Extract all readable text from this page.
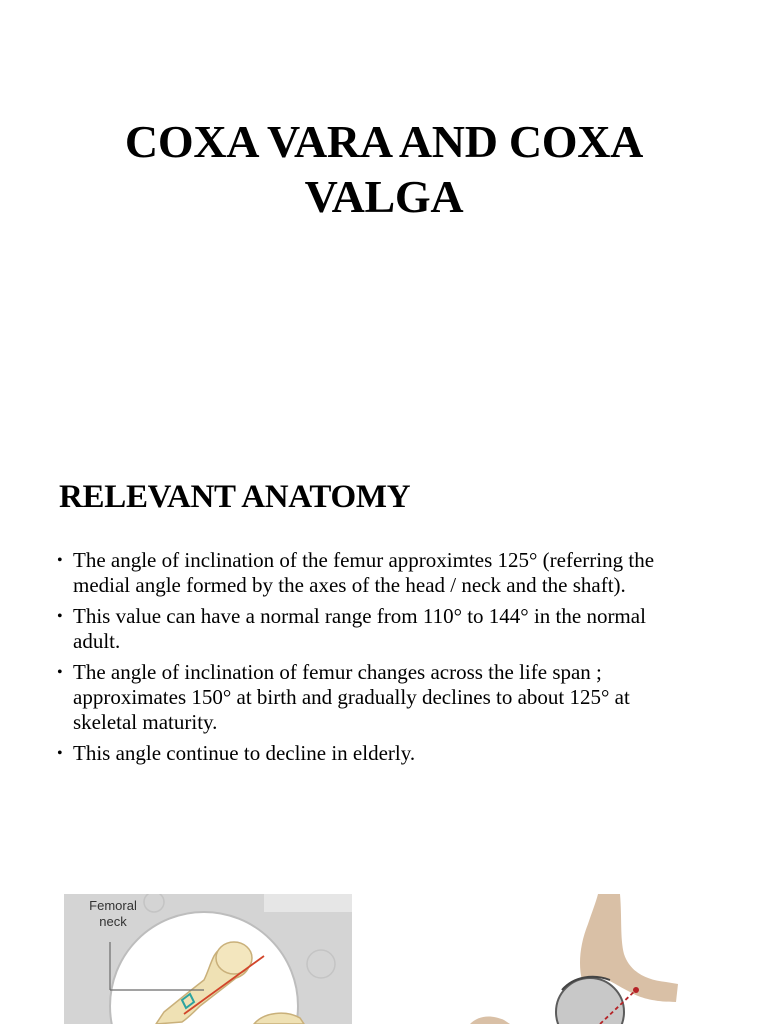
COXA VARA AND COXA
VALGA
RELEVANT ANATOMY
• The angle of inclination of the femur approximtes 125° (referring the
medial angle formed by the axes of the head / neck and the shaft).
• This value can have a normal range from 110° to 144° in the normal
adult.
• The angle of inclination of femur changes across the life span ;
approximates 150° at birth and gradually declines to about 125° at
skeletal maturity.
• This angle continue to decline in elderly.
Femoral
neck
